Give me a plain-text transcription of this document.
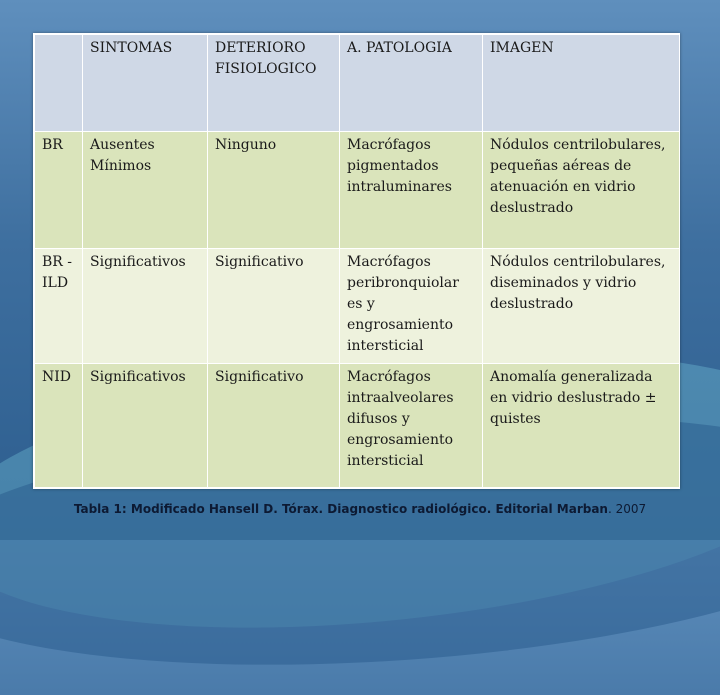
	SINTOMAS	DETERIORO FISIOLOGICO	A. PATOLOGIA	IMAGEN
BR	Ausentes Mínimos	Ninguno	Macrófagos pigmentados intraluminares	Nódulos centrilobulares, pequeñas aéreas de atenuación en vidrio deslustrado
BR - ILD	Significativos	Significativo	Macrófagos peribronquiolar es y engrosamiento intersticial	Nódulos centrilobulares, diseminados y vidrio deslustrado
NID	Significativos	Significativo	Macrófagos intraalveolares difusos y engrosamiento intersticial	Anomalía generalizada en vidrio deslustrado ± quistes
Tabla 1: Modificado Hansell D. Tórax. Diagnostico radiológico. Editorial Marban. 2007
